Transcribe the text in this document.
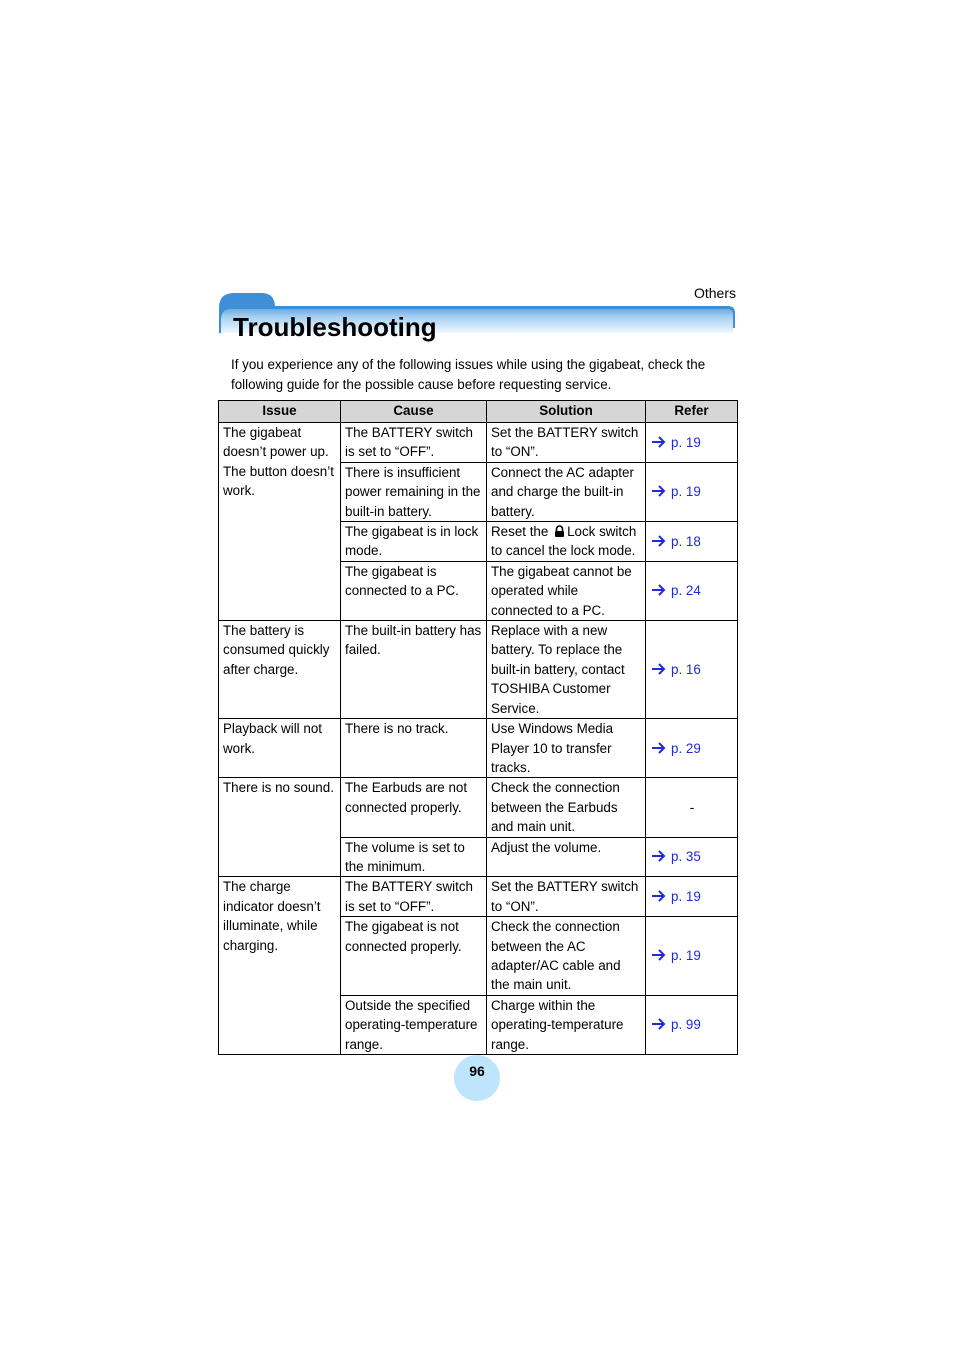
Others
Troubleshooting

If you experience any of the following issues while using the gigabeat, check the following guide for the possible cause before requesting service.

Issue	Cause	Solution	Refer
The gigabeat doesn’t power up. The button doesn’t work.	The BATTERY switch is set to “OFF”.	Set the BATTERY switch to “ON”.	p. 19
	There is insufficient power remaining in the built-in battery.	Connect the AC adapter and charge the built-in battery.	p. 19
	The gigabeat is in lock mode.	Reset the Lock switch to cancel the lock mode.	p. 18
	The gigabeat is connected to a PC.	The gigabeat cannot be operated while connected to a PC.	p. 24
The battery is consumed quickly after charge.	The built-in battery has failed.	Replace with a new battery. To replace the built-in battery, contact TOSHIBA Customer Service.	p. 16
Playback will not work.	There is no track.	Use Windows Media Player 10 to transfer tracks.	p. 29
There is no sound.	The Earbuds are not connected properly.	Check the connection between the Earbuds and main unit.	-
	The volume is set to the minimum.	Adjust the volume.	p. 35
The charge indicator doesn’t illuminate, while charging.	The BATTERY switch is set to “OFF”.	Set the BATTERY switch to “ON”.	p. 19
	The gigabeat is not connected properly.	Check the connection between the AC adapter/AC cable and the main unit.	p. 19
	Outside the specified operating-temperature range.	Charge within the operating-temperature range.	p. 99
96
